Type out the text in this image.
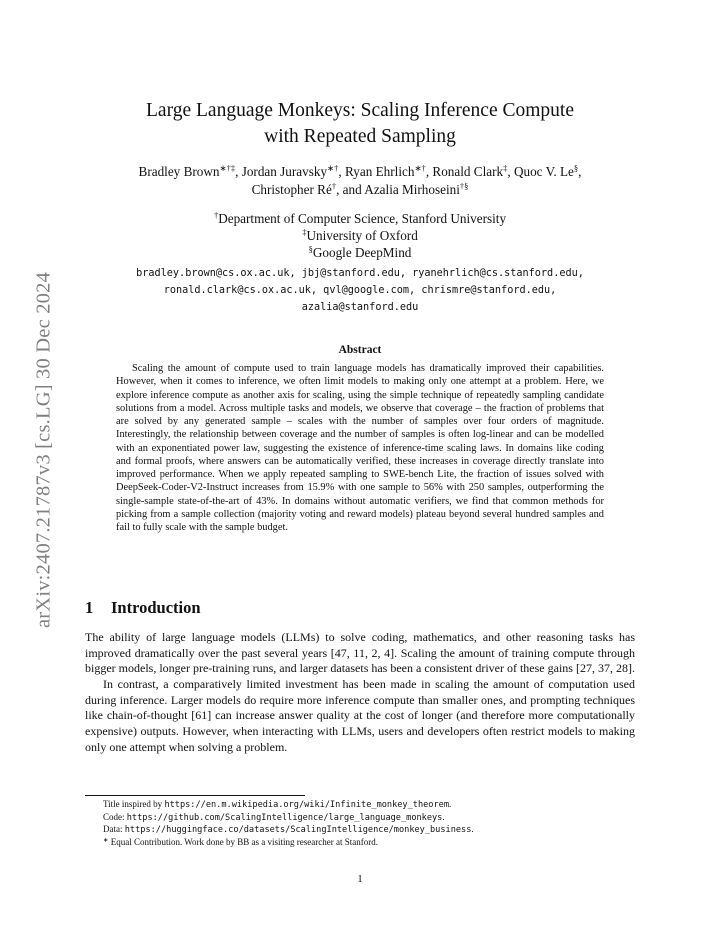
arXiv:2407.21787v3 [cs.LG] 30 Dec 2024
Large Language Monkeys: Scaling Inference Compute
with Repeated Sampling
Bradley Brown∗†‡, Jordan Juravsky∗†, Ryan Ehrlich∗†, Ronald Clark‡, Quoc V. Le§,
Christopher Ré†, and Azalia Mirhoseini†§
†Department of Computer Science, Stanford University
‡University of Oxford
§Google DeepMind
bradley.brown@cs.ox.ac.uk, jbj@stanford.edu, ryanehrlich@cs.stanford.edu,
ronald.clark@cs.ox.ac.uk, qvl@google.com, chrismre@stanford.edu,
azalia@stanford.edu
Abstract
Scaling the amount of compute used to train language models has dramatically improved their capabilities. However, when it comes to inference, we often limit models to making only one attempt at a problem. Here, we explore inference compute as another axis for scaling, using the simple technique of repeatedly sampling candidate solutions from a model. Across multiple tasks and models, we observe that coverage – the fraction of problems that are solved by any generated sample – scales with the number of samples over four orders of magnitude. Interestingly, the relationship between coverage and the number of samples is often log-linear and can be modelled with an exponentiated power law, suggesting the existence of inference-time scaling laws. In domains like coding and formal proofs, where answers can be automatically verified, these increases in coverage directly translate into improved performance. When we apply repeated sampling to SWE-bench Lite, the fraction of issues solved with DeepSeek-Coder-V2-Instruct increases from 15.9% with one sample to 56% with 250 samples, outperforming the single-sample state-of-the-art of 43%. In domains without automatic verifiers, we find that common methods for picking from a sample collection (majority voting and reward models) plateau beyond several hundred samples and fail to fully scale with the sample budget.
1 Introduction

The ability of large language models (LLMs) to solve coding, mathematics, and other reasoning tasks has improved dramatically over the past several years [47, 11, 2, 4]. Scaling the amount of training compute through bigger models, longer pre-training runs, and larger datasets has been a consistent driver of these gains [27, 37, 28].

In contrast, a comparatively limited investment has been made in scaling the amount of computation used during inference. Larger models do require more inference compute than smaller ones, and prompting techniques like chain-of-thought [61] can increase answer quality at the cost of longer (and therefore more computationally expensive) outputs. However, when interacting with LLMs, users and developers often restrict models to making only one attempt when solving a problem.

Title inspired by https://en.m.wikipedia.org/wiki/Infinite_monkey_theorem.
Code: https://github.com/ScalingIntelligence/large_language_monkeys.
Data: https://huggingface.co/datasets/ScalingIntelligence/monkey_business.
∗ Equal Contribution. Work done by BB as a visiting researcher at Stanford.
1
